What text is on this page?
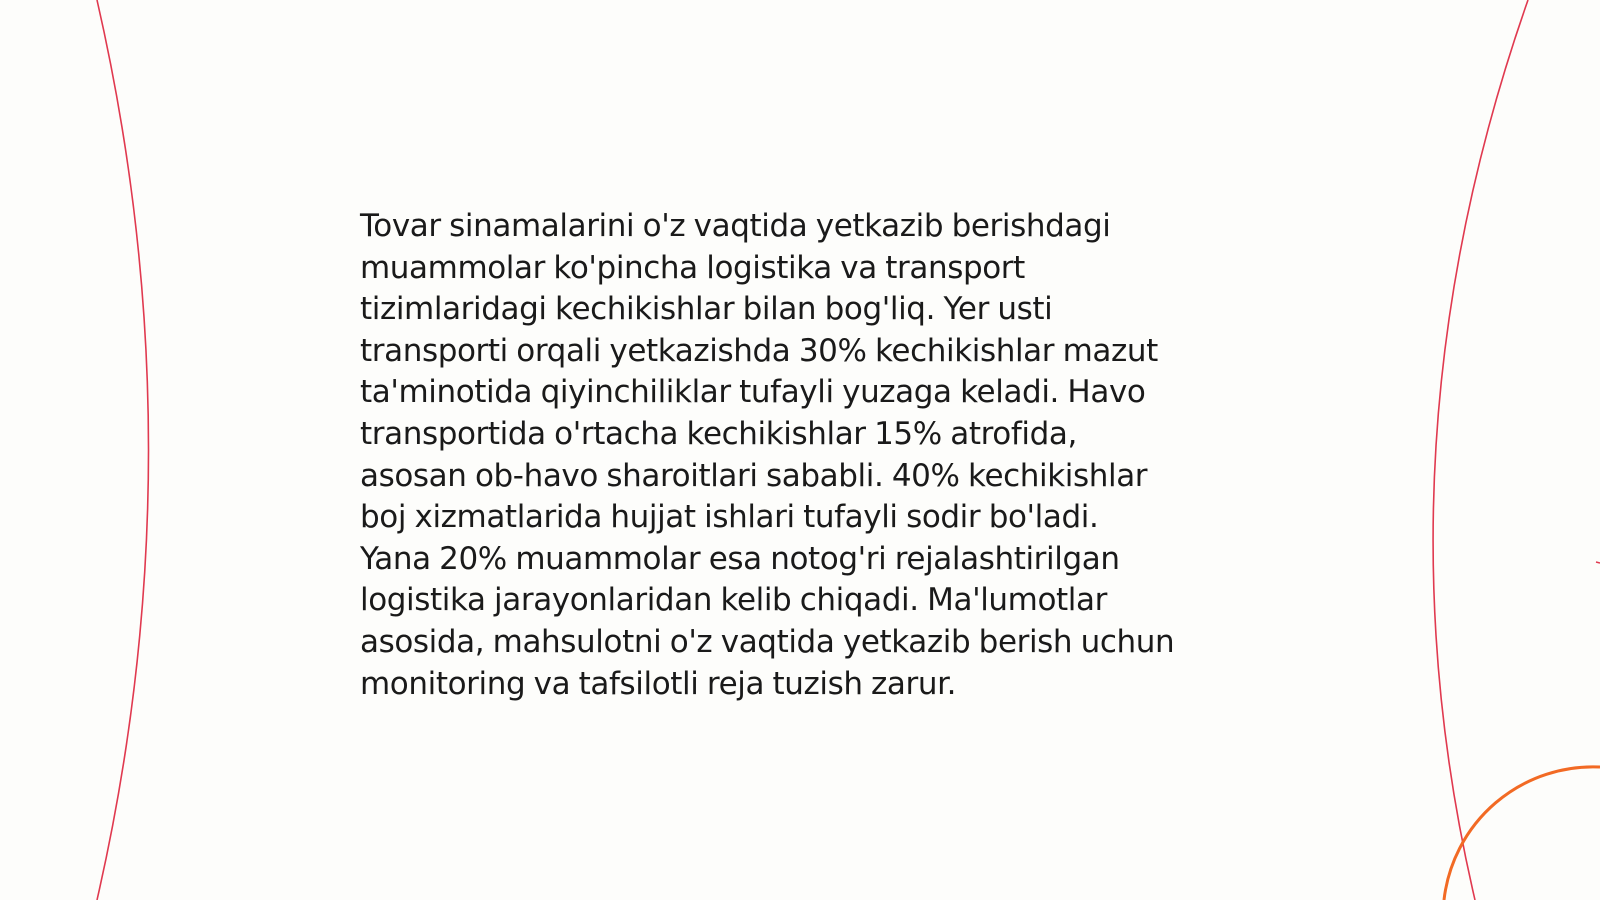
Tovar sinamalarini o'z vaqtida yetkazib berishdagi
muammolar ko'pincha logistika va transport
tizimlaridagi kechikishlar bilan bog'liq. Yer usti
transporti orqali yetkazishda 30% kechikishlar mazut
ta'minotida qiyinchiliklar tufayli yuzaga keladi. Havo
transportida o'rtacha kechikishlar 15% atrofida,
asosan ob-havo sharoitlari sababli. 40% kechikishlar
boj xizmatlarida hujjat ishlari tufayli sodir bo'ladi.
Yana 20% muammolar esa notog'ri rejalashtirilgan
logistika jarayonlaridan kelib chiqadi. Ma'lumotlar
asosida, mahsulotni o'z vaqtida yetkazib berish uchun
monitoring va tafsilotli reja tuzish zarur.
